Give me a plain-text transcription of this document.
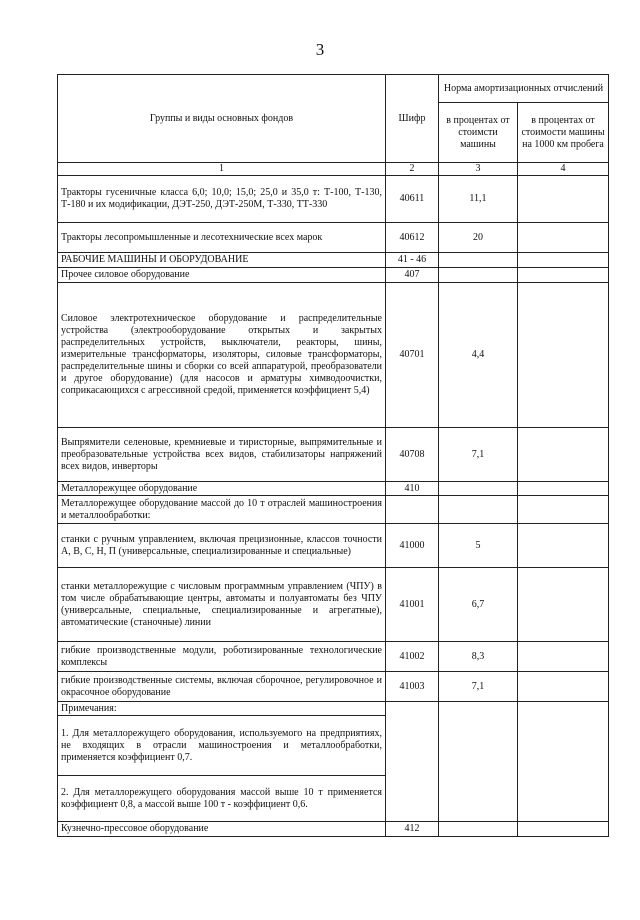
3
Группы и виды основных фондов	Шифр	Норма амортизационных отчислений	
		в процентах от стоимсти машины	в процентах от стоимости машины на 1000 км пробега
1	2	3	4
Тракторы гусеничные класса 6,0; 10,0; 15,0; 25,0 и 35,0 т: Т-100, Т-130, Т-180 и их модификации, ДЭТ-250, ДЭТ-250М, Т-330, ТТ-330	40611	11,1	
Тракторы лесопромышленные и лесотехнические всех марок	40612	20	
РАБОЧИЕ МАШИНЫ И ОБОРУДОВАНИЕ	41 - 46		
Прочее силовое оборудование	407		
Силовое электротехническое оборудование и распределительные устройства (электрооборудование открытых и закрытых распределительных устройств, выключатели, реакторы, шины, измерительные трансформаторы, изоляторы, силовые трансформаторы, распределительные шины и сборки со всей аппаратурой, преобразователи и другое оборудование) (для насосов и арматуры химводоочистки, соприкасающихся с агрессивной средой, применяется коэффициент 5,4)	40701	4,4	
Выпрямители селеновые, кремниевые и тиристорные, выпрямительные и преобразовательные устройства всех видов, стабилизаторы напряжений всех видов, инверторы	40708	7,1	
Металлорежущее оборудование	410		
Металлорежущее оборудование массой до 10 т отраслей машиностроения и металлообработки:			
станки с ручным управлением, включая прецизионные, классов точности А, В, С, Н, П (универсальные, специализированные и специальные)	41000	5	
станки металлорежущие с числовым программным управлением (ЧПУ) в том числе обрабатывающие центры, автоматы и полуавтоматы без ЧПУ (универсальные, специальные, специализированные и агрегатные), автоматические (станочные) линии	41001	6,7	
гибкие производственные модули, роботизированные технологические комплексы	41002	8,3	
гибкие производственные системы, включая сборочное, регулировочное и окрасочное оборудование	41003	7,1	
Примечания:			
1. Для металлорежущего оборудования, используемого на предприятиях, не входящих в отрасли машиностроения и металлообработки, применяется коэффициент 0,7.			
2. Для металлорежущего оборудования массой выше 10 т применяется коэффициент 0,8, а массой выше 100 т - коэффициент 0,6.			
Кузнечно-прессовое оборудование	412		
